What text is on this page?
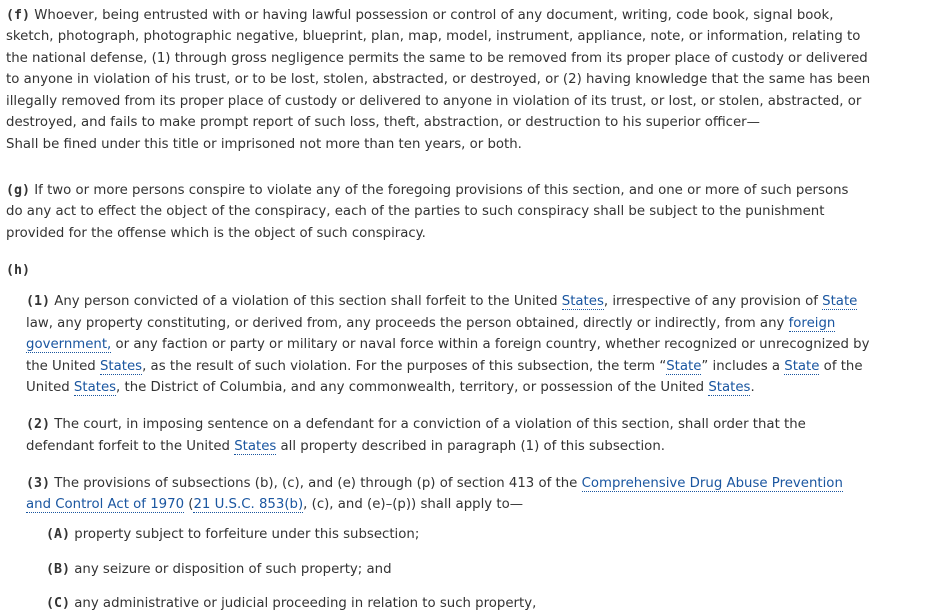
(f) Whoever, being entrusted with or having lawful possession or control of any document, writing, code book, signal book,
sketch, photograph, photographic negative, blueprint, plan, map, model, instrument, appliance, note, or information, relating to
the national defense, (1) through gross negligence permits the same to be removed from its proper place of custody or delivered
to anyone in violation of his trust, or to be lost, stolen, abstracted, or destroyed, or (2) having knowledge that the same has been
illegally removed from its proper place of custody or delivered to anyone in violation of its trust, or lost, or stolen, abstracted, or
destroyed, and fails to make prompt report of such loss, theft, abstraction, or destruction to his superior officer—
Shall be fined under this title or imprisoned not more than ten years, or both.
(g) If two or more persons conspire to violate any of the foregoing provisions of this section, and one or more of such persons
do any act to effect the object of the conspiracy, each of the parties to such conspiracy shall be subject to the punishment
provided for the offense which is the object of such conspiracy.
(h)
(1) Any person convicted of a violation of this section shall forfeit to the United States, irrespective of any provision of State
law, any property constituting, or derived from, any proceeds the person obtained, directly or indirectly, from any foreign
government, or any faction or party or military or naval force within a foreign country, whether recognized or unrecognized by
the United States, as the result of such violation. For the purposes of this subsection, the term “State” includes a State of the
United States, the District of Columbia, and any commonwealth, territory, or possession of the United States.
(2) The court, in imposing sentence on a defendant for a conviction of a violation of this section, shall order that the
defendant forfeit to the United States all property described in paragraph (1) of this subsection.
(3) The provisions of subsections (b), (c), and (e) through (p) of section 413 of the Comprehensive Drug Abuse Prevention
and Control Act of 1970 (21 U.S.C. 853(b), (c), and (e)–(p)) shall apply to—
(A) property subject to forfeiture under this subsection;
(B) any seizure or disposition of such property; and
(C) any administrative or judicial proceeding in relation to such property,
